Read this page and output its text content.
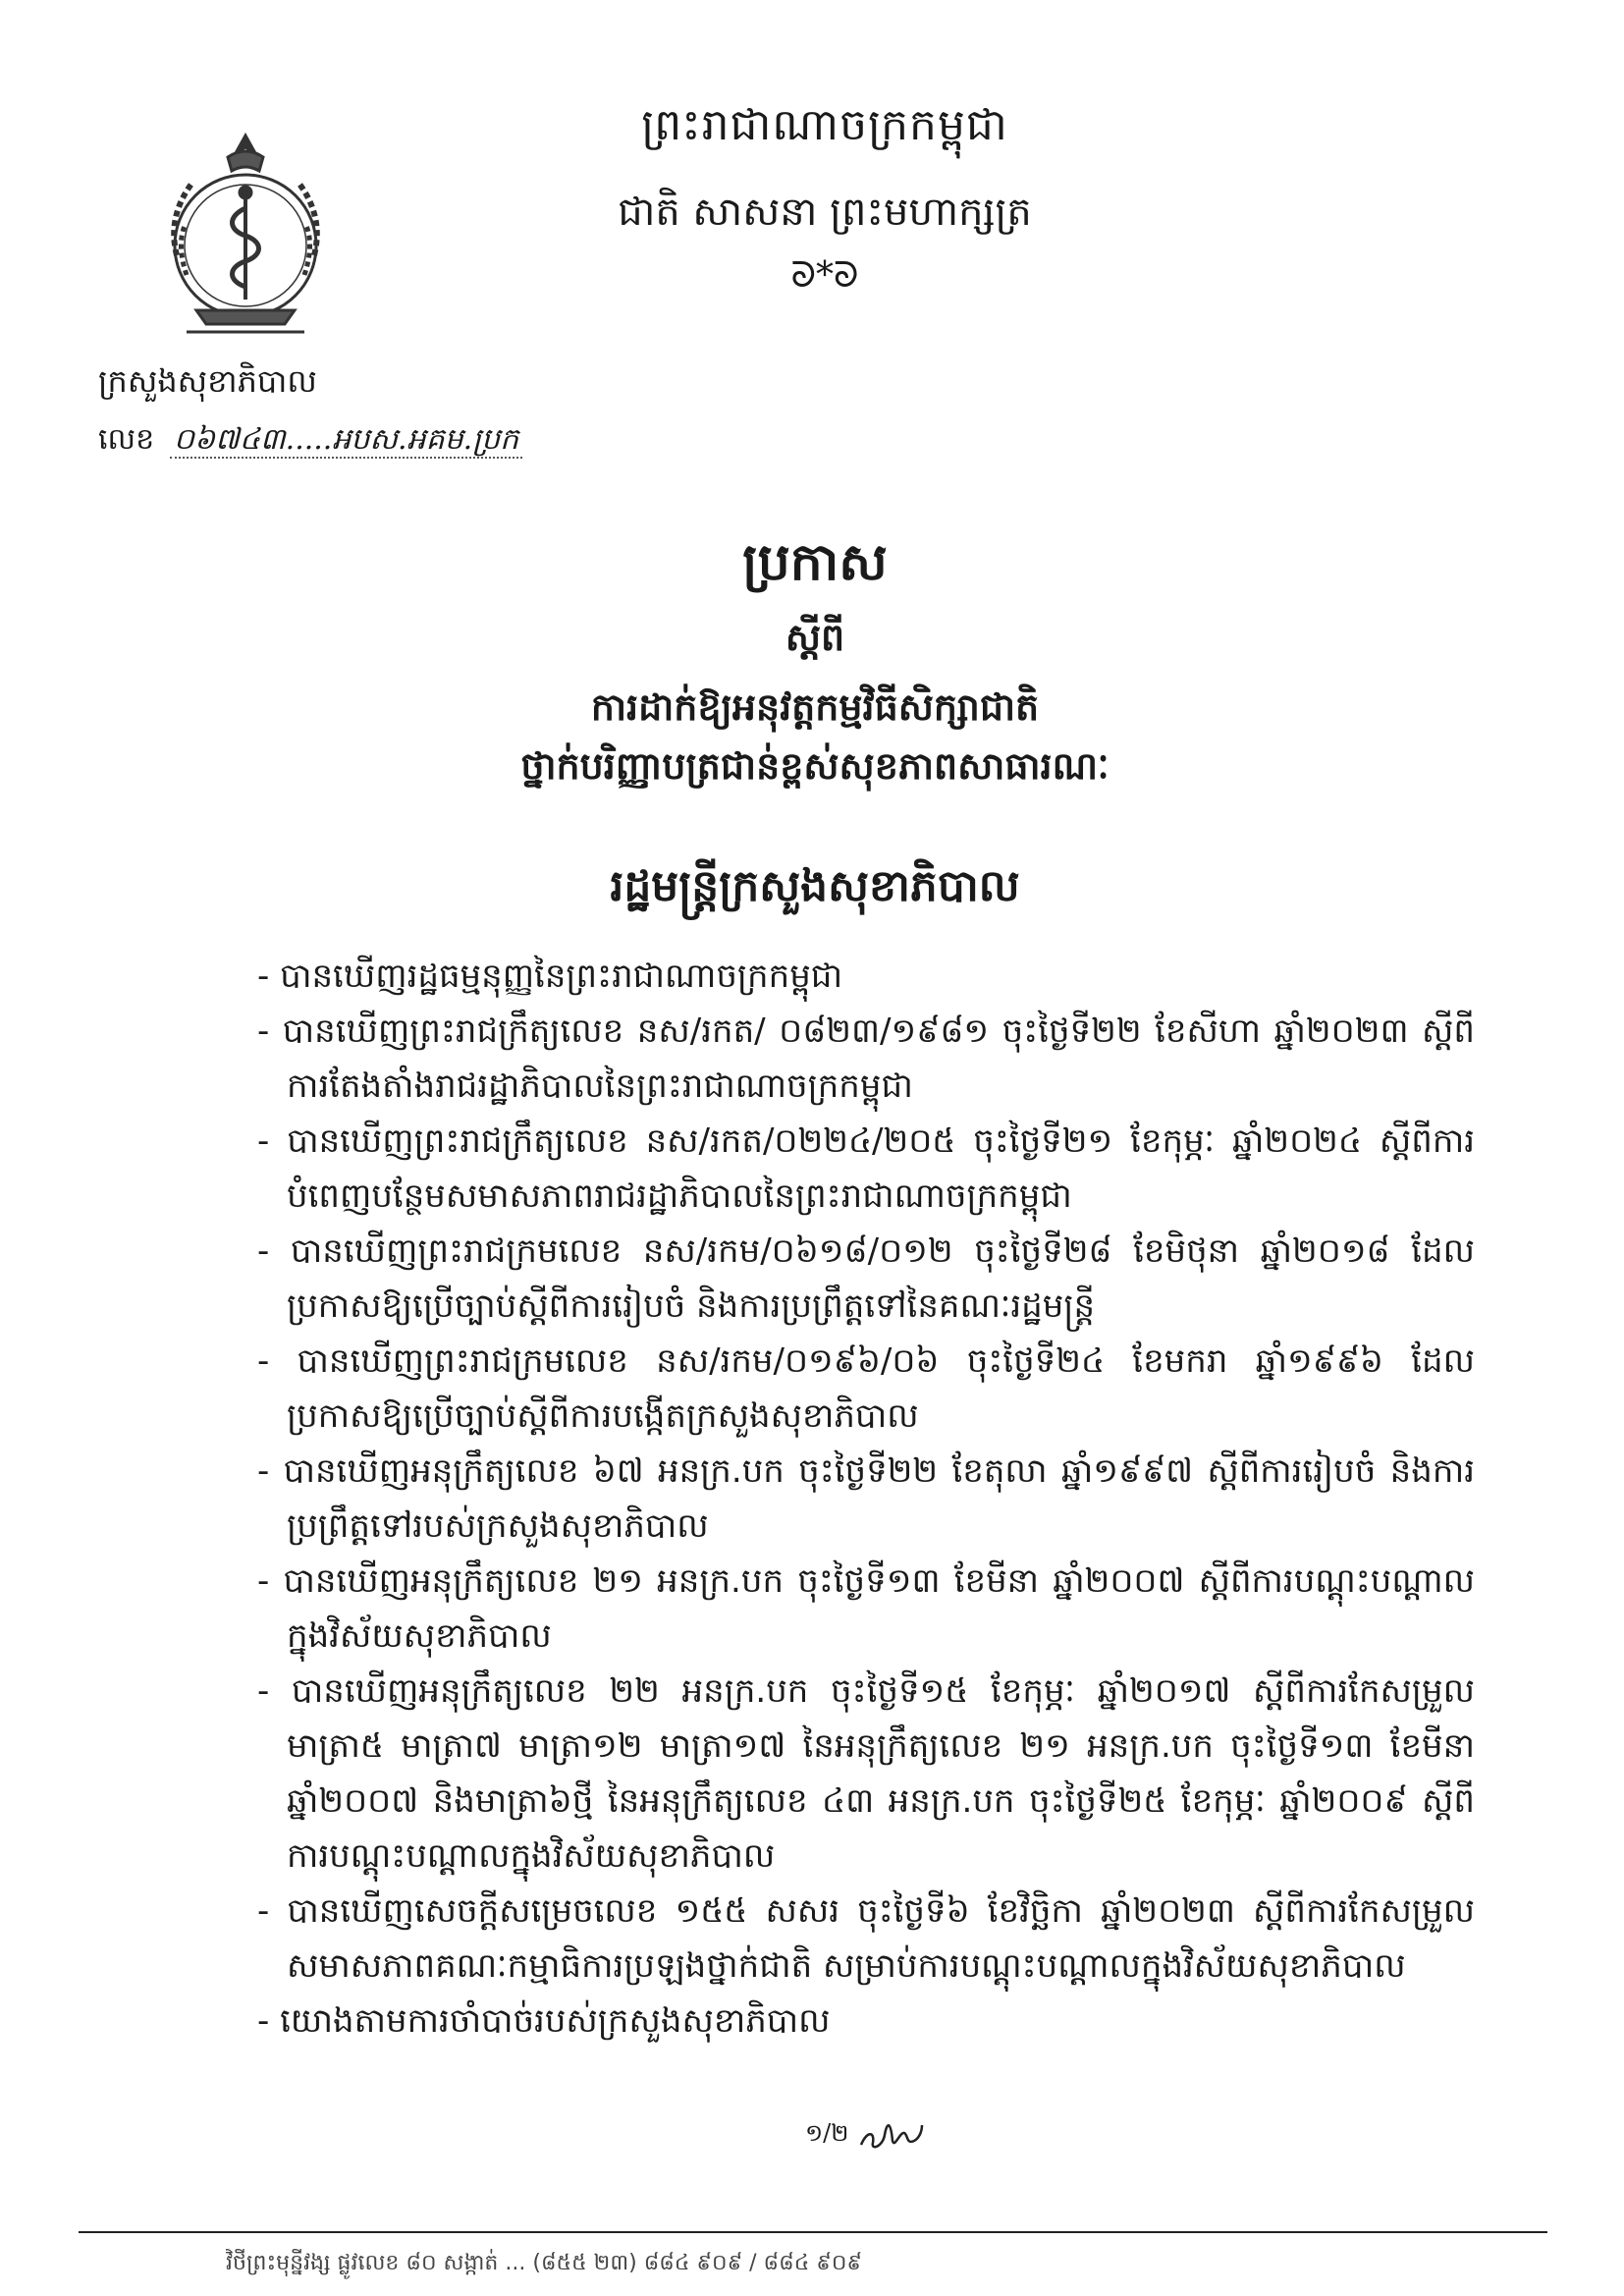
ព្រះរាជាណាចក្រកម្ពុជា
ជាតិ សាសនា ព្រះមហាក្សត្រ
ᘐ*ᘐ
ក្រសួងសុខាភិបាល
លេខ ០៦៧៤៣.....អបស.អគម.ប្រក
ប្រកាស
ស្ដីពី
ការដាក់ឱ្យអនុវត្តកម្មវិធីសិក្សាជាតិ
ថ្នាក់បរិញ្ញាបត្រជាន់ខ្ពស់សុខភាពសាធារណៈ
រដ្ឋមន្ត្រីក្រសួងសុខាភិបាល
- បានឃើញរដ្ឋធម្មនុញ្ញនៃព្រះរាជាណាចក្រកម្ពុជា
- បានឃើញព្រះរាជក្រឹត្យលេខ នស/រកត/ ០៨២៣/១៩៨១ ចុះថ្ងៃទី២២ ខែសីហា ឆ្នាំ២០២៣ ស្ដីពីការតែងតាំងរាជរដ្ឋាភិបាលនៃព្រះរាជាណាចក្រកម្ពុជា
- បានឃើញព្រះរាជក្រឹត្យលេខ នស/រកត/០២២៤/២០៥ ចុះថ្ងៃទី២១ ខែកុម្ភៈ ឆ្នាំ២០២៤ ស្ដីពីការបំពេញបន្ថែមសមាសភាពរាជរដ្ឋាភិបាលនៃព្រះរាជាណាចក្រកម្ពុជា
- បានឃើញព្រះរាជក្រមលេខ នស/រកម/០៦១៨/០១២ ចុះថ្ងៃទី២៨ ខែមិថុនា ឆ្នាំ២០១៨ ដែលប្រកាសឱ្យប្រើច្បាប់ស្ដីពីការរៀបចំ និងការប្រព្រឹត្តទៅនៃគណៈរដ្ឋមន្ត្រី
- បានឃើញព្រះរាជក្រមលេខ នស/រកម/០១៩៦/០៦ ចុះថ្ងៃទី២៤ ខែមករា ឆ្នាំ១៩៩៦ ដែលប្រកាសឱ្យប្រើច្បាប់ស្ដីពីការបង្កើតក្រសួងសុខាភិបាល
- បានឃើញអនុក្រឹត្យលេខ ៦៧ អនក្រ.បក ចុះថ្ងៃទី២២ ខែតុលា ឆ្នាំ១៩៩៧ ស្ដីពីការរៀបចំ និងការប្រព្រឹត្តទៅរបស់ក្រសួងសុខាភិបាល
- បានឃើញអនុក្រឹត្យលេខ ២១ អនក្រ.បក ចុះថ្ងៃទី១៣ ខែមីនា ឆ្នាំ២០០៧ ស្ដីពីការបណ្ដុះបណ្ដាលក្នុងវិស័យសុខាភិបាល
- បានឃើញអនុក្រឹត្យលេខ ២២ អនក្រ.បក ចុះថ្ងៃទី១៥ ខែកុម្ភៈ ឆ្នាំ២០១៧ ស្ដីពីការកែសម្រួលមាត្រា៥ មាត្រា៧ មាត្រា១២ មាត្រា១៧ នៃអនុក្រឹត្យលេខ ២១ អនក្រ.បក ចុះថ្ងៃទី១៣ ខែមីនា ឆ្នាំ២០០៧ និងមាត្រា៦ថ្មី នៃអនុក្រឹត្យលេខ ៤៣ អនក្រ.បក ចុះថ្ងៃទី២៥ ខែកុម្ភៈ ឆ្នាំ២០០៩ ស្ដីពីការបណ្ដុះបណ្ដាលក្នុងវិស័យសុខាភិបាល
- បានឃើញសេចក្ដីសម្រេចលេខ ១៥៥ សសរ ចុះថ្ងៃទី៦ ខែវិច្ឆិកា ឆ្នាំ២០២៣ ស្ដីពីការកែសម្រួលសមាសភាពគណៈកម្មាធិការប្រឡងថ្នាក់ជាតិ សម្រាប់ការបណ្ដុះបណ្ដាលក្នុងវិស័យសុខាភិបាល
- យោងតាមការចាំបាច់របស់ក្រសួងសុខាភិបាល
១/២
វិថីព្រះមុន្នីវង្ស ផ្លូវលេខ ៨០ សង្កាត់ ... (៨៥៥ ២៣) ៨៨៤ ៩០៩ / ៨៨៤ ៩០៩
